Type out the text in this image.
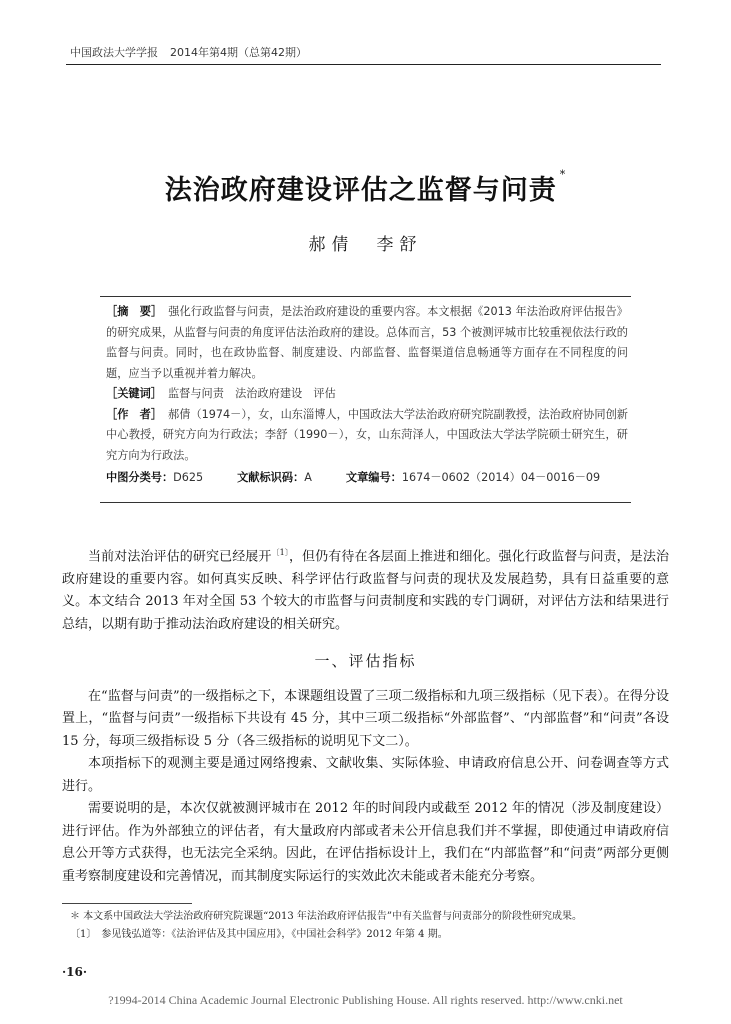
中国政法大学学报 2014年第4期（总第42期）
法治政府建设评估之监督与问责*
郝倩 李舒

［摘　要］ 强化行政监督与问责，是法治政府建设的重要内容。本文根据《2013 年法治政府评估报告》的研究成果，从监督与问责的角度评估法治政府的建设。总体而言，53 个被测评城市比较重视依法行政的监督与问责。同时，也在政协监督、制度建设、内部监督、监督渠道信息畅通等方面存在不同程度的问题，应当予以重视并着力解决。

［关键词］ 监督与问责　法治政府建设　评估

［作　者］ 郝倩（1974－），女，山东淄博人，中国政法大学法治政府研究院副教授，法治政府协同创新中心教授，研究方向为行政法；李舒（1990－），女，山东菏泽人，中国政法大学法学院硕士研究生，研究方向为行政法。

中图分类号：D625	文献标识码：A	文章编号：1674－0602（2014）04－0016－09

当前对法治评估的研究已经展开$^{〔1〕}$，但仍有待在各层面上推进和细化。强化行政监督与问责，是法治政府建设的重要内容。如何真实反映、科学评估行政监督与问责的现状及发展趋势，具有日益重要的意义。本文结合 2013 年对全国 53 个较大的市监督与问责制度和实践的专门调研，对评估方法和结果进行总结，以期有助于推动法治政府建设的相关研究。

一、评估指标

在“监督与问责”的一级指标之下，本课题组设置了三项二级指标和九项三级指标（见下表）。在得分设置上，“监督与问责”一级指标下共设有 45 分，其中三项二级指标“外部监督”、“内部监督”和“问责”各设 15 分，每项三级指标设 5 分（各三级指标的说明见下文二）。

本项指标下的观测主要是通过网络搜索、文献收集、实际体验、申请政府信息公开、问卷调查等方式进行。

需要说明的是，本次仅就被测评城市在 2012 年的时间段内或截至 2012 年的情况（涉及制度建设）进行评估。作为外部独立的评估者，有大量政府内部或者未公开信息我们并不掌握，即使通过申请政府信息公开等方式获得，也无法完全采纳。因此，在评估指标设计上，我们在“内部监督”和“问责”两部分更侧重考察制度建设和完善情况，而其制度实际运行的实效此次未能或者未能充分考察。

＊ 本文系中国政法大学法治政府研究院课题“2013 年法治政府评估报告”中有关监督与问责部分的阶段性研究成果。

〔1〕　参见钱弘道等：《法治评估及其中国应用》，《中国社会科学》2012 年第 4 期。

·16·
?1994-2014 China Academic Journal Electronic Publishing House. All rights reserved. http://www.cnki.net
